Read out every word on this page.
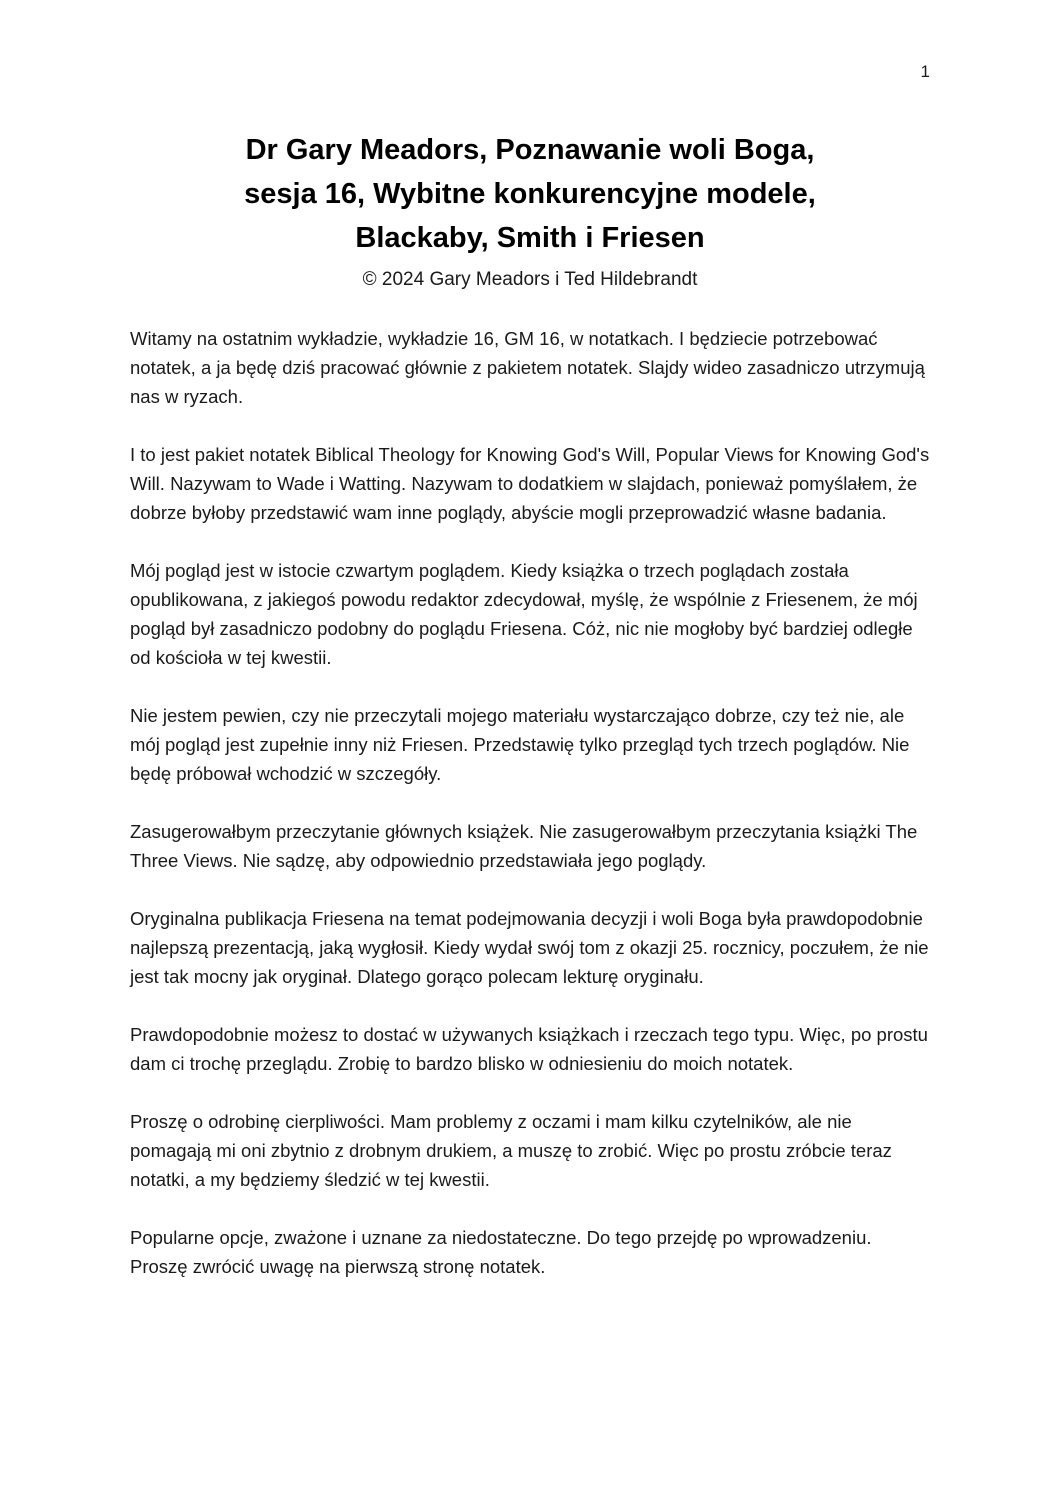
1
Dr Gary Meadors, Poznawanie woli Boga,
sesja 16, Wybitne konkurencyjne modele,
Blackaby, Smith i Friesen
© 2024 Gary Meadors i Ted Hildebrandt

Witamy na ostatnim wykładzie, wykładzie 16, GM 16, w notatkach. I będziecie potrzebować notatek, a ja będę dziś pracować głównie z pakietem notatek. Slajdy wideo zasadniczo utrzymują nas w ryzach.

I to jest pakiet notatek Biblical Theology for Knowing God's Will, Popular Views for Knowing God's Will. Nazywam to Wade i Watting. Nazywam to dodatkiem w slajdach, ponieważ pomyślałem, że dobrze byłoby przedstawić wam inne poglądy, abyście mogli przeprowadzić własne badania.

Mój pogląd jest w istocie czwartym poglądem. Kiedy książka o trzech poglądach została opublikowana, z jakiegoś powodu redaktor zdecydował, myślę, że wspólnie z Friesenem, że mój pogląd był zasadniczo podobny do poglądu Friesena. Cóż, nic nie mogłoby być bardziej odległe od kościoła w tej kwestii.

Nie jestem pewien, czy nie przeczytali mojego materiału wystarczająco dobrze, czy też nie, ale mój pogląd jest zupełnie inny niż Friesen. Przedstawię tylko przegląd tych trzech poglądów. Nie będę próbował wchodzić w szczegóły.

Zasugerowałbym przeczytanie głównych książek. Nie zasugerowałbym przeczytania książki The Three Views. Nie sądzę, aby odpowiednio przedstawiała jego poglądy.

Oryginalna publikacja Friesena na temat podejmowania decyzji i woli Boga była prawdopodobnie najlepszą prezentacją, jaką wygłosił. Kiedy wydał swój tom z okazji 25. rocznicy, poczułem, że nie jest tak mocny jak oryginał. Dlatego gorąco polecam lekturę oryginału.

Prawdopodobnie możesz to dostać w używanych książkach i rzeczach tego typu. Więc, po prostu dam ci trochę przeglądu. Zrobię to bardzo blisko w odniesieniu do moich notatek.

Proszę o odrobinę cierpliwości. Mam problemy z oczami i mam kilku czytelników, ale nie pomagają mi oni zbytnio z drobnym drukiem, a muszę to zrobić. Więc po prostu zróbcie teraz notatki, a my będziemy śledzić w tej kwestii.

Popularne opcje, zważone i uznane za niedostateczne. Do tego przejdę po wprowadzeniu. Proszę zwrócić uwagę na pierwszą stronę notatek.
